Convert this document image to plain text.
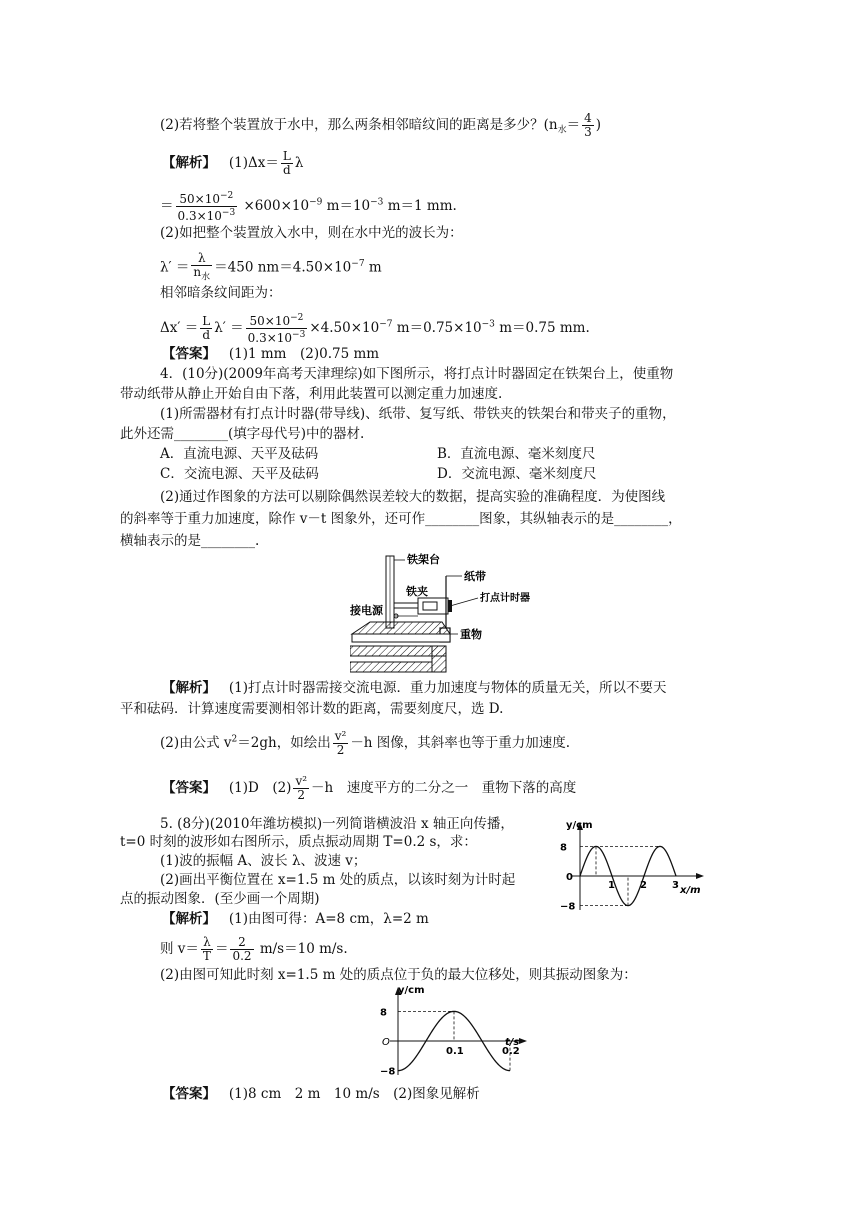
(2)若将整个装置放于水中，那么两条相邻暗纹间的距离是多少？($n_水= \frac{4}{3}$ )
【解析】 $(1)\Delta x= \frac{L}{d}$ λ
＝ $\frac{50\times 10^{-2}}{0.3\times 10^{-3}} \times 600\times 10^{-9}$ $m=10^{-3}$ m＝1 mm.
(2)如把整个装置放入水中，则在水中光的波长为：
$\lambda' = \frac{\lambda}{n_水} =450$ $nm=4.50\times 10^{-7}$ m
相邻暗条纹间距为：
$\Delta x' = \frac{L}{d} \lambda' = \frac{50\times 10^{-2}}{0.3\times 10^{-3}} \times 4.50\times 10^{-7}$ $m=0.75\times 10^{-3}$ m＝0.75 mm.
【答案】 (1)1 mm　(2)0.75 mm
4．(10分)(2009年高考天津理综)如下图所示，将打点计时器固定在铁架台上，使重物
带动纸带从静止开始自由下落，利用此装置可以测定重力加速度.
(1)所需器材有打点计时器(带导线)、纸带、复写纸、带铁夹的铁架台和带夹子的重物，
此外还需________(填字母代号)中的器材.
A．直流电源、天平及砝码	B．直流电源、毫米刻度尺
C．交流电源、天平及砝码	D．交流电源、毫米刻度尺
(2)通过作图象的方法可以剔除偶然误差较大的数据，提高实验的准确程度．为使图线
的斜率等于重力加速度，除作 v－t 图象外，还可作________图象，其纵轴表示的是________，
横轴表示的是________.
铁架台
铁夹
纸带
打点计时器
接电源
重物
【解析】 (1)打点计时器需接交流电源．重力加速度与物体的质量无关，所以不要天
平和砝码．计算速度需要测相邻计数的距离，需要刻度尺，选 D.
(2)由公式 $v^2=2gh$，如绘出 $\frac{\text{v²}}{2} -h$ 图像，其斜率也等于重力加速度.
【答案】 (1)D　$(2) \frac{\text{v²}}{2} -h$　速度平方的二分之一　重物下落的高度
5. (8分)(2010年潍坊模拟)一列简谐横波沿 x 轴正向传播，
t=0 时刻的波形如右图所示，质点振动周期 T=0.2 s，求：
(1)波的振幅 A、波长 λ、波速 v；
(2)画出平衡位置在 x=1.5 m 处的质点，以该时刻为计时起
点的振动图象．(至少画一个周期)
y/cm
x/m
1	2	3
8
0
−8
【解析】 (1)由图可得：A=8 cm，λ=2 m
则 $v= \frac{\lambda}{T} = \frac{2}{0.2} m/s=10$ m/s.
(2)由图可知此时刻 x=1.5 m 处的质点位于负的最大位移处，则其振动图象为：
y/cm
t/s
0.1	0.2
8
O
−8
【答案】 (1)8 cm　2 m　10 m/s　(2)图象见解析
